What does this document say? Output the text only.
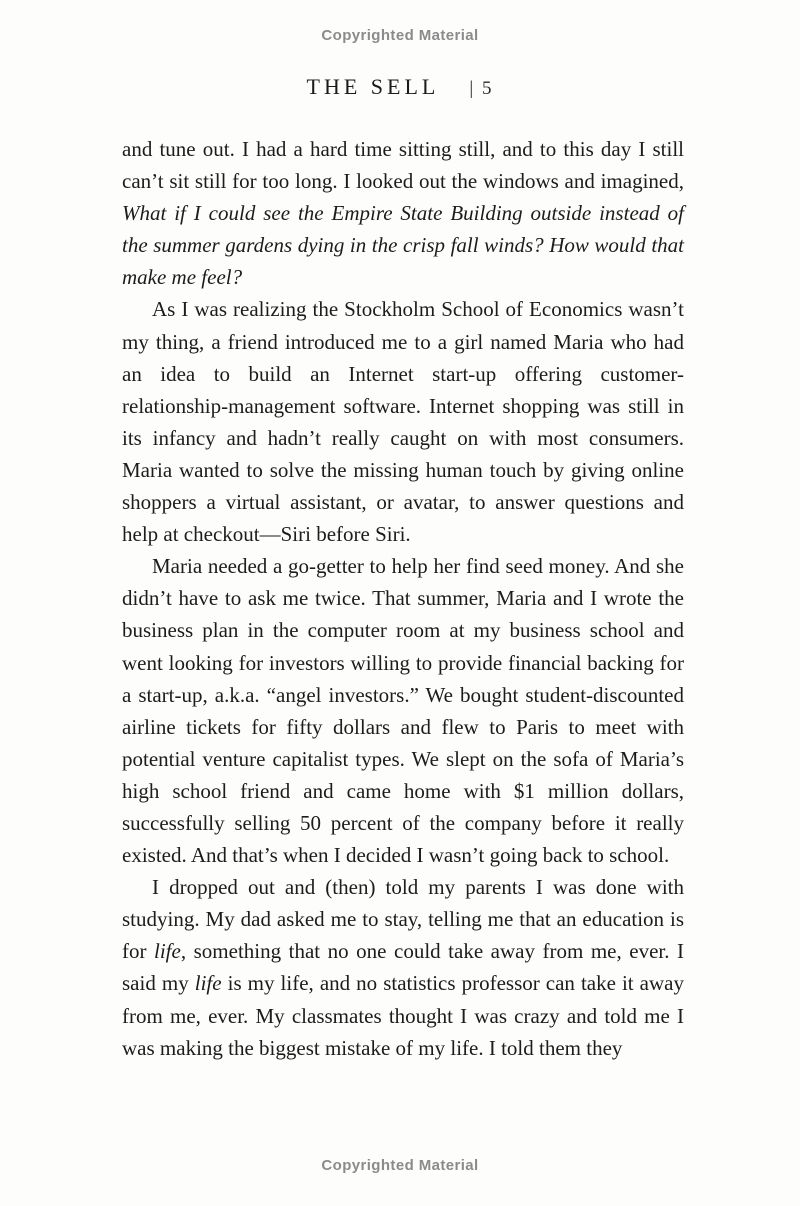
Copyrighted Material
THE SELL | 5

and tune out. I had a hard time sitting still, and to this day I still can’t sit still for too long. I looked out the windows and imagined, What if I could see the Empire State Building outside instead of the summer gardens dying in the crisp fall winds? How would that make me feel?

As I was realizing the Stockholm School of Economics wasn’t my thing, a friend introduced me to a girl named Maria who had an idea to build an Internet start-up offering customer-relationship-management software. Internet shopping was still in its infancy and hadn’t really caught on with most consumers. Maria wanted to solve the missing human touch by giving online shoppers a virtual assistant, or avatar, to answer questions and help at checkout—Siri before Siri.

Maria needed a go-getter to help her find seed money. And she didn’t have to ask me twice. That summer, Maria and I wrote the business plan in the computer room at my business school and went looking for investors willing to provide financial backing for a start-up, a.k.a. “angel investors.” We bought student-discounted airline tickets for fifty dollars and flew to Paris to meet with potential venture capitalist types. We slept on the sofa of Maria’s high school friend and came home with $1 million dollars, successfully selling 50 percent of the company before it really existed. And that’s when I decided I wasn’t going back to school.

I dropped out and (then) told my parents I was done with studying. My dad asked me to stay, telling me that an education is for life, something that no one could take away from me, ever. I said my life is my life, and no statistics professor can take it away from me, ever. My classmates thought I was crazy and told me I was making the biggest mistake of my life. I told them they

Copyrighted Material
